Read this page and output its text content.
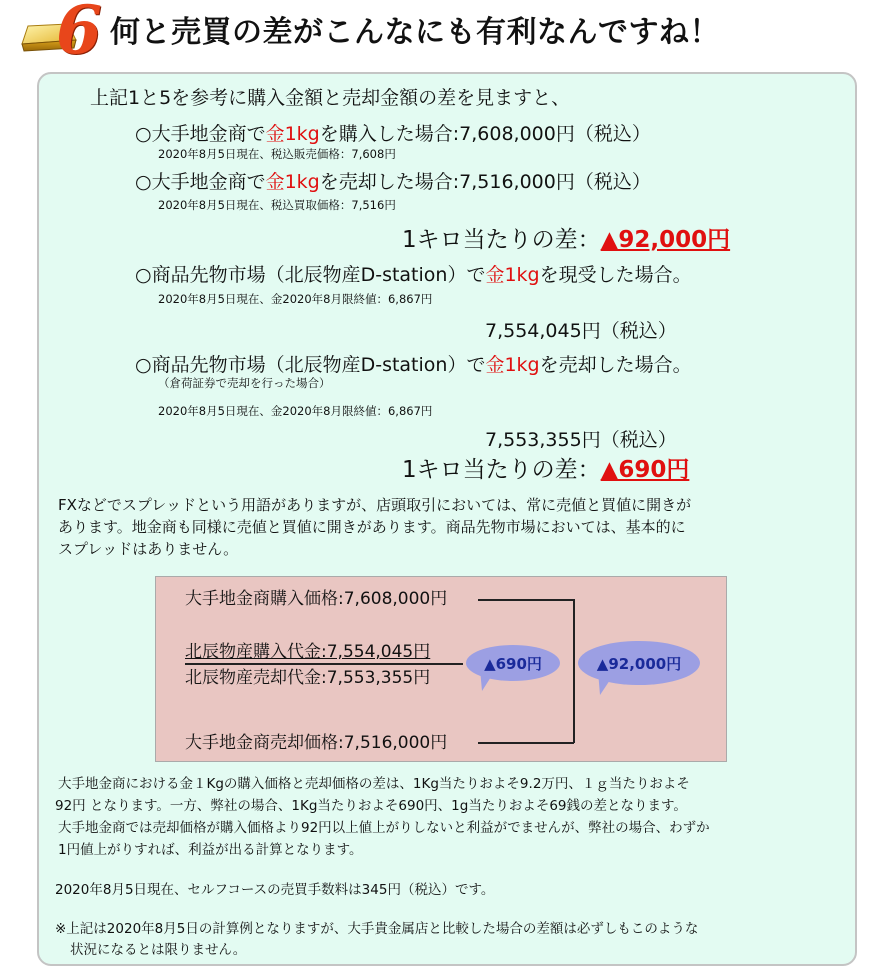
6 何と売買の差がこんなにも有利なんですね！
上記1と5を参考に購入金額と売却金額の差を見ますと、
○大手地金商で金1kgを購入した場合:7,608,000円（税込）
2020年8月5日現在、税込販売価格：7,608円
○大手地金商で金1kgを売却した場合:7,516,000円（税込）
2020年8月5日現在、税込買取価格：7,516円
1キロ当たりの差：▲92,000円
○商品先物市場（北辰物産D-station）で金1kgを現受した場合。
2020年8月5日現在、金2020年8月限終値：6,867円
7,554,045円（税込）
○商品先物市場（北辰物産D-station）で金1kgを売却した場合。
（倉荷証券で売却を行った場合）
2020年8月5日現在、金2020年8月限終値：6,867円
7,553,355円（税込）
1キロ当たりの差：▲690円
FXなどでスプレッドという用語がありますが、店頭取引においては、常に売値と買値に開きが
あります。地金商も同様に売値と買値に開きがあります。商品先物市場においては、基本的に
スプレッドはありません。
大手地金商購入価格:7,608,000円
北辰物産購入代金:7,554,045円
北辰物産売却代金:7,553,355円
大手地金商売却価格:7,516,000円
▲690円	▲92,000円
大手地金商における金１Kgの購入価格と売却価格の差は、1Kg当たりおよそ9.2万円、１ｇ当たりおよそ
92円 となります。一方、弊社の場合、1Kg当たりおよそ690円、1g当たりおよそ69銭の差となります。
大手地金商では売却価格が購入価格より92円以上値上がりしないと利益がでませんが、弊社の場合、わずか
1円値上がりすれば、利益が出る計算となります。
2020年8月5日現在、セルフコースの売買手数料は345円（税込）です。
※上記は2020年8月5日の計算例となりますが、大手貴金属店と比較した場合の差額は必ずしもこのような
状況になるとは限りません。
